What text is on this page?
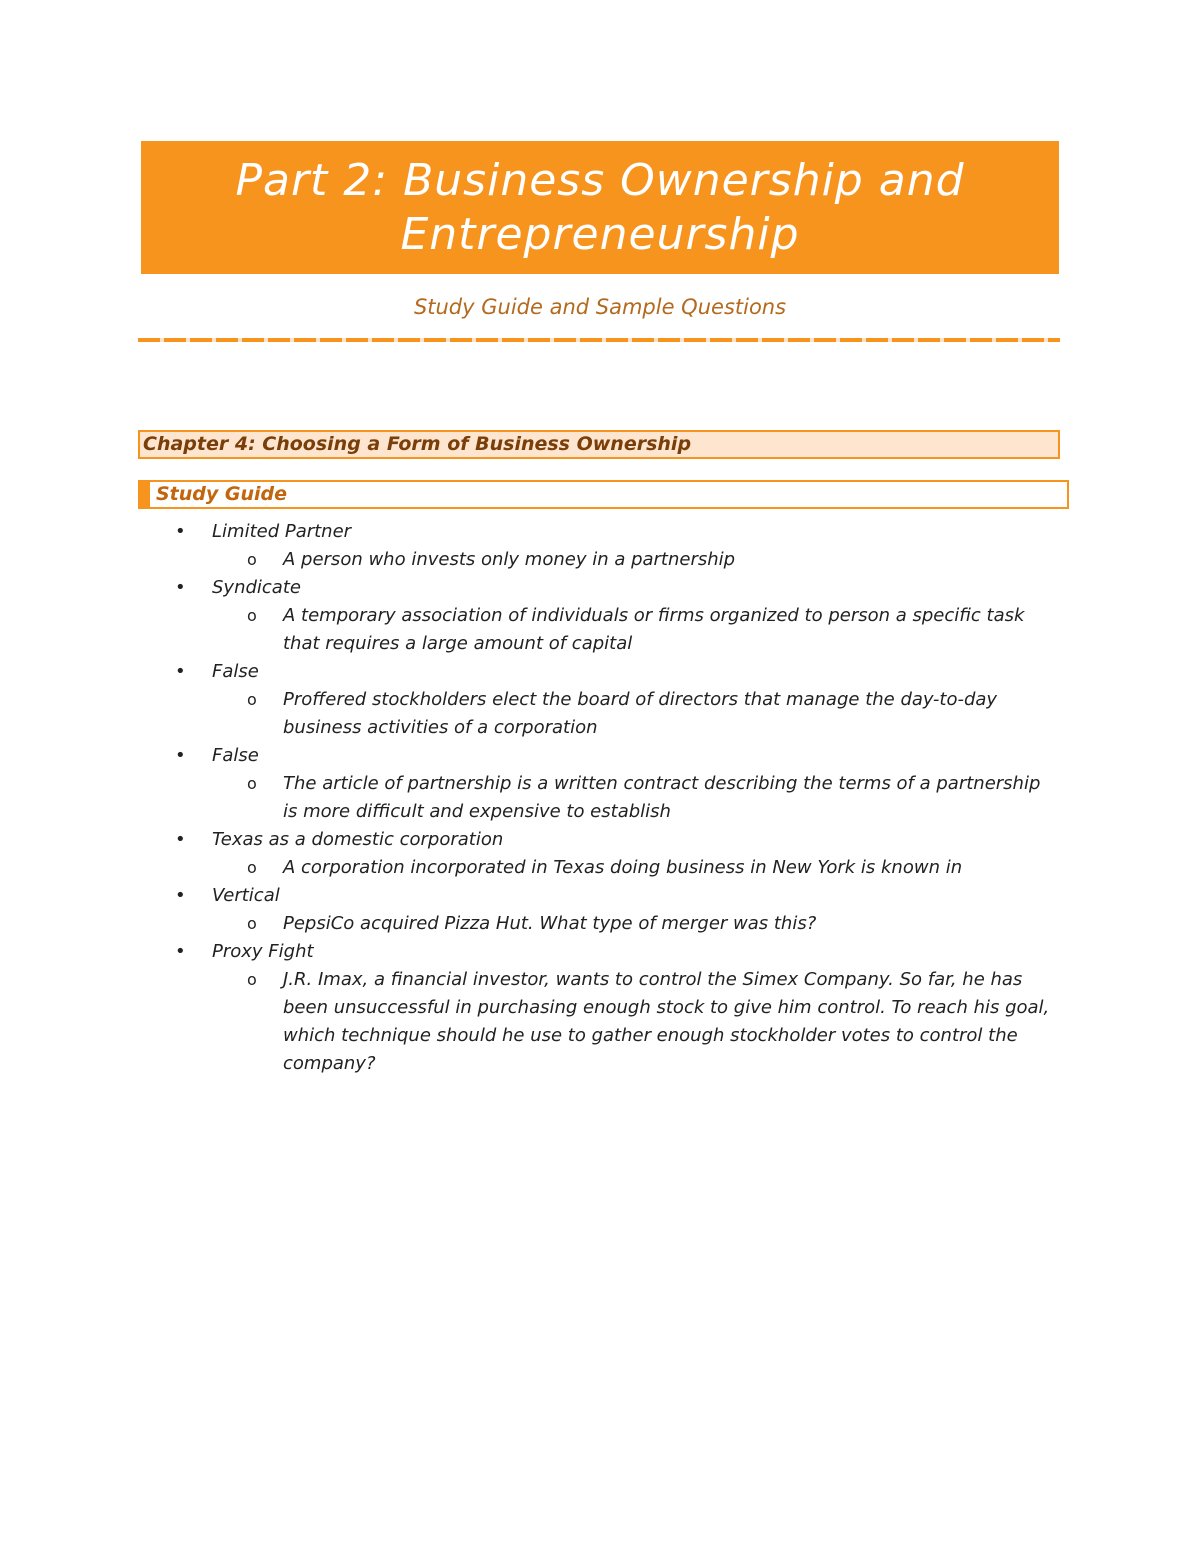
Part 2: Business Ownership and
Entrepreneurship
Study Guide and Sample Questions
Chapter 4: Choosing a Form of Business Ownership
Study Guide
• Limited Partner
o A person who invests only money in a partnership
• Syndicate
o A temporary association of individuals or firms organized to person a specific task that requires a large amount of capital
• False
o Proffered stockholders elect the board of directors that manage the day-to-day business activities of a corporation
• False
o The article of partnership is a written contract describing the terms of a partnership is more difficult and expensive to establish
• Texas as a domestic corporation
o A corporation incorporated in Texas doing business in New York is known in
• Vertical
o PepsiCo acquired Pizza Hut. What type of merger was this?
• Proxy Fight
o J.R. Imax, a financial investor, wants to control the Simex Company. So far, he has been unsuccessful in purchasing enough stock to give him control. To reach his goal, which technique should he use to gather enough stockholder votes to control the company?
